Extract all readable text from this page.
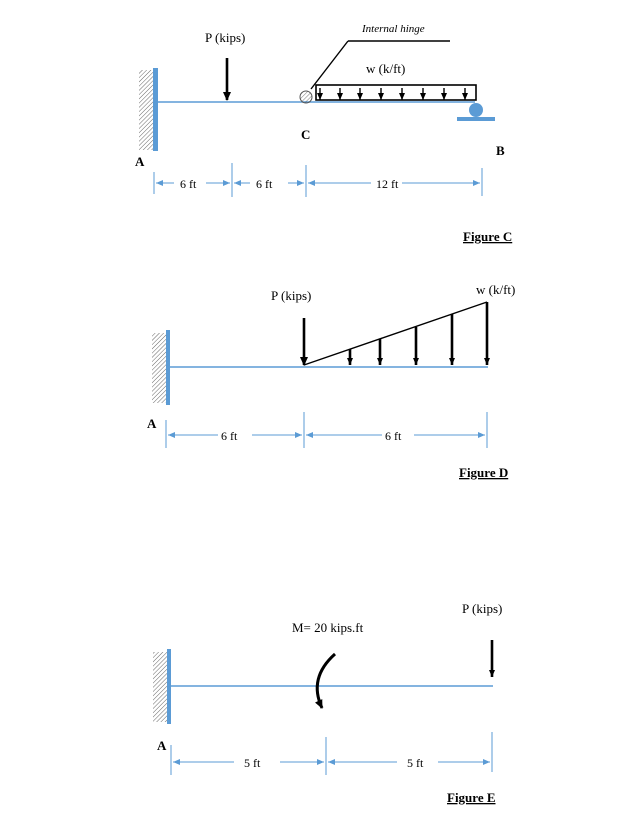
P (kips)
Internal hinge
C
w (k/ft)
A
B
6 ft	6 ft	12 ft
Figure C
P (kips)	w (k/ft)
A
6 ft	6 ft
Figure D
P (kips)
M= 20 kips.ft
A
5 ft	5 ft
Figure E
